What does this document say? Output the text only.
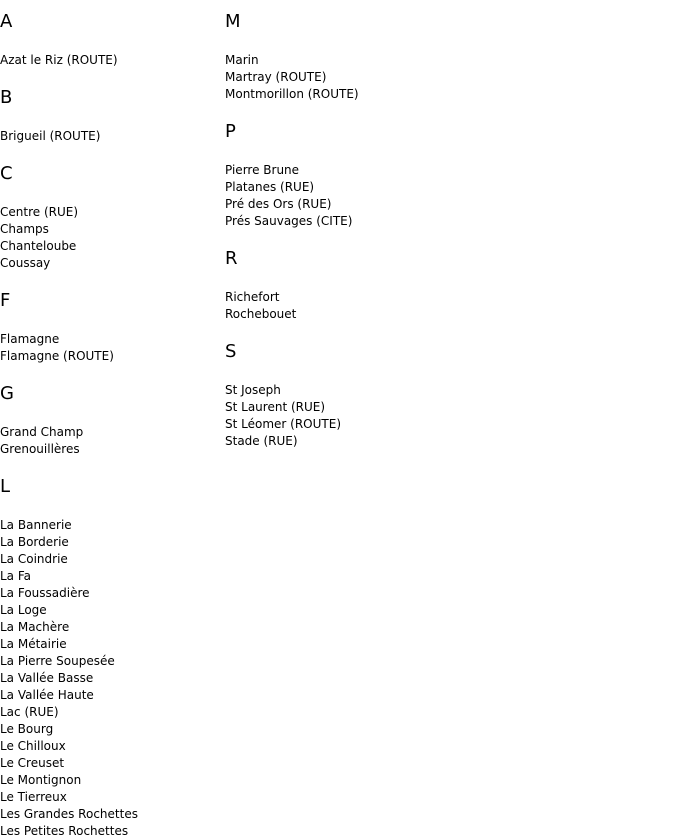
A
Azat le Riz (ROUTE)
B
Brigueil (ROUTE)
C
Centre (RUE)
Champs
Chanteloube
Coussay
F
Flamagne
Flamagne (ROUTE)
G
Grand Champ
Grenouillères
L
La Bannerie
La Borderie
La Coindrie
La Fa
La Foussadière
La Loge
La Machère
La Métairie
La Pierre Soupesée
La Vallée Basse
La Vallée Haute
Lac (RUE)
Le Bourg
Le Chilloux
Le Creuset
Le Montignon
Le Tierreux
Les Grandes Rochettes
Les Petites Rochettes
M
Marin
Martray (ROUTE)
Montmorillon (ROUTE)
P
Pierre Brune
Platanes (RUE)
Pré des Ors (RUE)
Prés Sauvages (CITE)
R
Richefort
Rochebouet
S
St Joseph
St Laurent (RUE)
St Léomer (ROUTE)
Stade (RUE)
